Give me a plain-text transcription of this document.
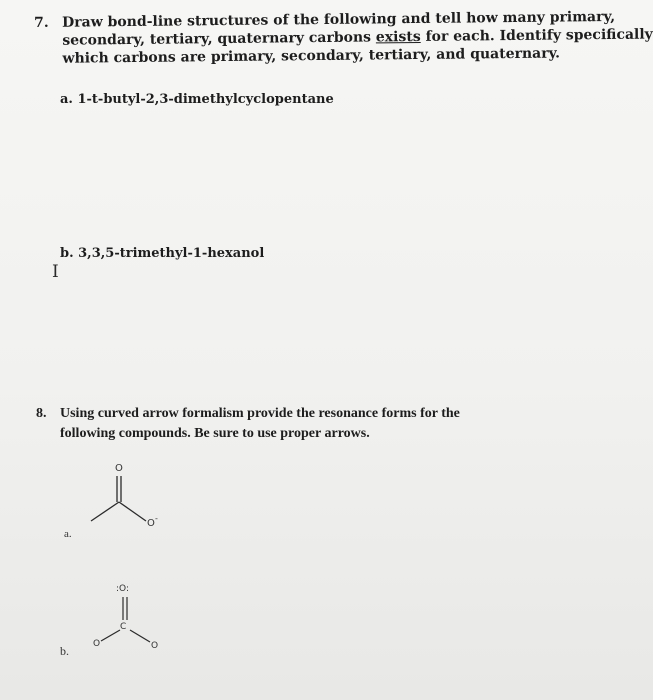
7. Draw bond-line structures of the following and tell how many primary,
secondary, tertiary, quaternary carbons exists for each. Identify specifically
which carbons are primary, secondary, tertiary, and quaternary.
a. 1-t-butyl-2,3-dimethylcyclopentane
b. 3,3,5-trimethyl-1-hexanol
I
8. Using curved arrow formalism provide the resonance forms for the
following compounds. Be sure to use proper arrows.
O
O -
a.
:O:
C
O	O
b.
